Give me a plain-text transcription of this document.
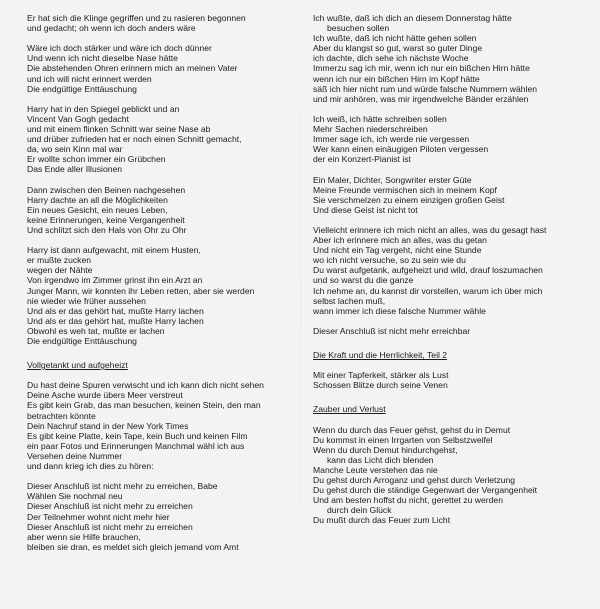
Er hat sich die Klinge gegriffen und zu rasieren begonnen
und gedacht; oh wenn ich doch anders wäre
Wäre ich doch stärker und wäre ich doch dünner
Und wenn ich nicht dieselbe Nase hätte
Die abstehenden Ohren erinnern mich an meinen Vater
und ich will nicht erinnert werden
Die endgültige Enttäuschung
Harry hat in den Spiegel geblickt und an
Vincent Van Gogh gedacht
und mit einem flinken Schnitt war seine Nase ab
und drüber zufrieden hat er noch einen Schnitt gemacht,
da, wo sein Kinn mal war
Er wollte schon immer ein Grübchen
Das Ende aller Illusionen
Dann zwischen den Beinen nachgesehen
Harry dachte an all die Möglichkeiten
Ein neues Gesicht, ein neues Leben,
keine Erinnerungen, keine Vergangenheit
Und schlitzt sich den Hals von Ohr zu Ohr
Harry ist dann aufgewacht, mit einem Husten,
er mußte zucken
wegen der Nähte
Von irgendwo im Zimmer grinst ihn ein Arzt an
Junger Mann, wir konnten ihr Leben retten, aber sie werden
nie wieder wie früher aussehen
Und als er das gehört hat, mußte Harry lachen
Und als er das gehört hat, mußte Harry lachen
Obwohl es weh tat, mußte er lachen
Die endgültige Enttäuschung
Vollgetankt und aufgeheizt
Du hast deine Spuren verwischt und ich kann dich nicht sehen
Deine Asche wurde übers Meer verstreut
Es gibt kein Grab, das man besuchen, keinen Stein, den man
betrachten könnte
Dein Nachruf stand in der New York Times
Es gibt keine Platte, kein Tape, kein Buch und keinen Film
ein paar Fotos und Erinnerungen Manchmal wähl ich aus
Versehen deine Nummer
und dann krieg ich dies zu hören:
Dieser Anschluß ist nicht mehr zu erreichen, Babe
Wählen Sie nochmal neu
Dieser Anschluß ist nicht mehr zu erreichen
Der Teilnehmer wohnt nicht mehr hier
Dieser Anschluß ist nicht mehr zu erreichen
aber wenn sie Hilfe brauchen,
bleiben sie dran, es meldet sich gleich jemand vom Amt
Ich wußte, daß ich dich an diesem Donnerstag hätte
besuchen sollen
Ich wußte, daß ich nicht hätte gehen sollen
Aber du klangst so gut, warst so guter Dinge
ich dachte, dich sehe ich nächste Woche
Immerzu sag ich mir, wenn ich nur ein bißchen Hirn hätte
wenn ich nur ein bißchen Hirn im Kopf hätte
säß ich hier nicht rum und würde falsche Nummern wählen
und mir anhören, was mir irgendwelche Bänder erzählen
Ich weiß, ich hätte schreiben sollen
Mehr Sachen niederschreiben
Immer sage ich, ich werde nie vergessen
Wer kann einen einäugigen Piloten vergessen
der ein Konzert-Pianist ist
Ein Maler, Dichter, Songwriter erster Güte
Meine Freunde vermischen sich in meinem Kopf
Sie verschmelzen zu einem einzigen großen Geist
Und diese Geist ist nicht tot
Vielleicht erinnere ich mich nicht an alles, was du gesagt hast
Aber ich erinnere mich an alles, was du getan
Und nicht ein Tag vergeht, nicht eine Stunde
wo ich nicht versuche, so zu sein wie du
Du warst aufgetank, aufgeheizt und wild, drauf loszumachen
und so warst du die ganze
Ich nehme an, du kannst dir vorstellen, warum ich über mich
selbst lachen muß,
wann immer ich diese falsche Nummer wähle
Dieser Anschluß ist nicht mehr erreichbar
Die Kraft und die Herrlichkeit, Teil 2
Mit einer Tapferkeit, stärker als Lust
Schossen Blitze durch seine Venen
Zauber und Verlust
Wenn du durch das Feuer gehst, gehst du in Demut
Du kommst in einen Irrgarten von Selbstzweifel
Wenn du durch Demut hindurchgehst,
kann das Licht dich blenden
Manche Leute verstehen das nie
Du gehst durch Arroganz und gehst durch Verletzung
Du gehst durch die ständige Gegenwart der Vergangenheit
Und am besten hoffst du nicht, gerettet zu werden
durch dein Glück
Du mußt durch das Feuer zum Licht
